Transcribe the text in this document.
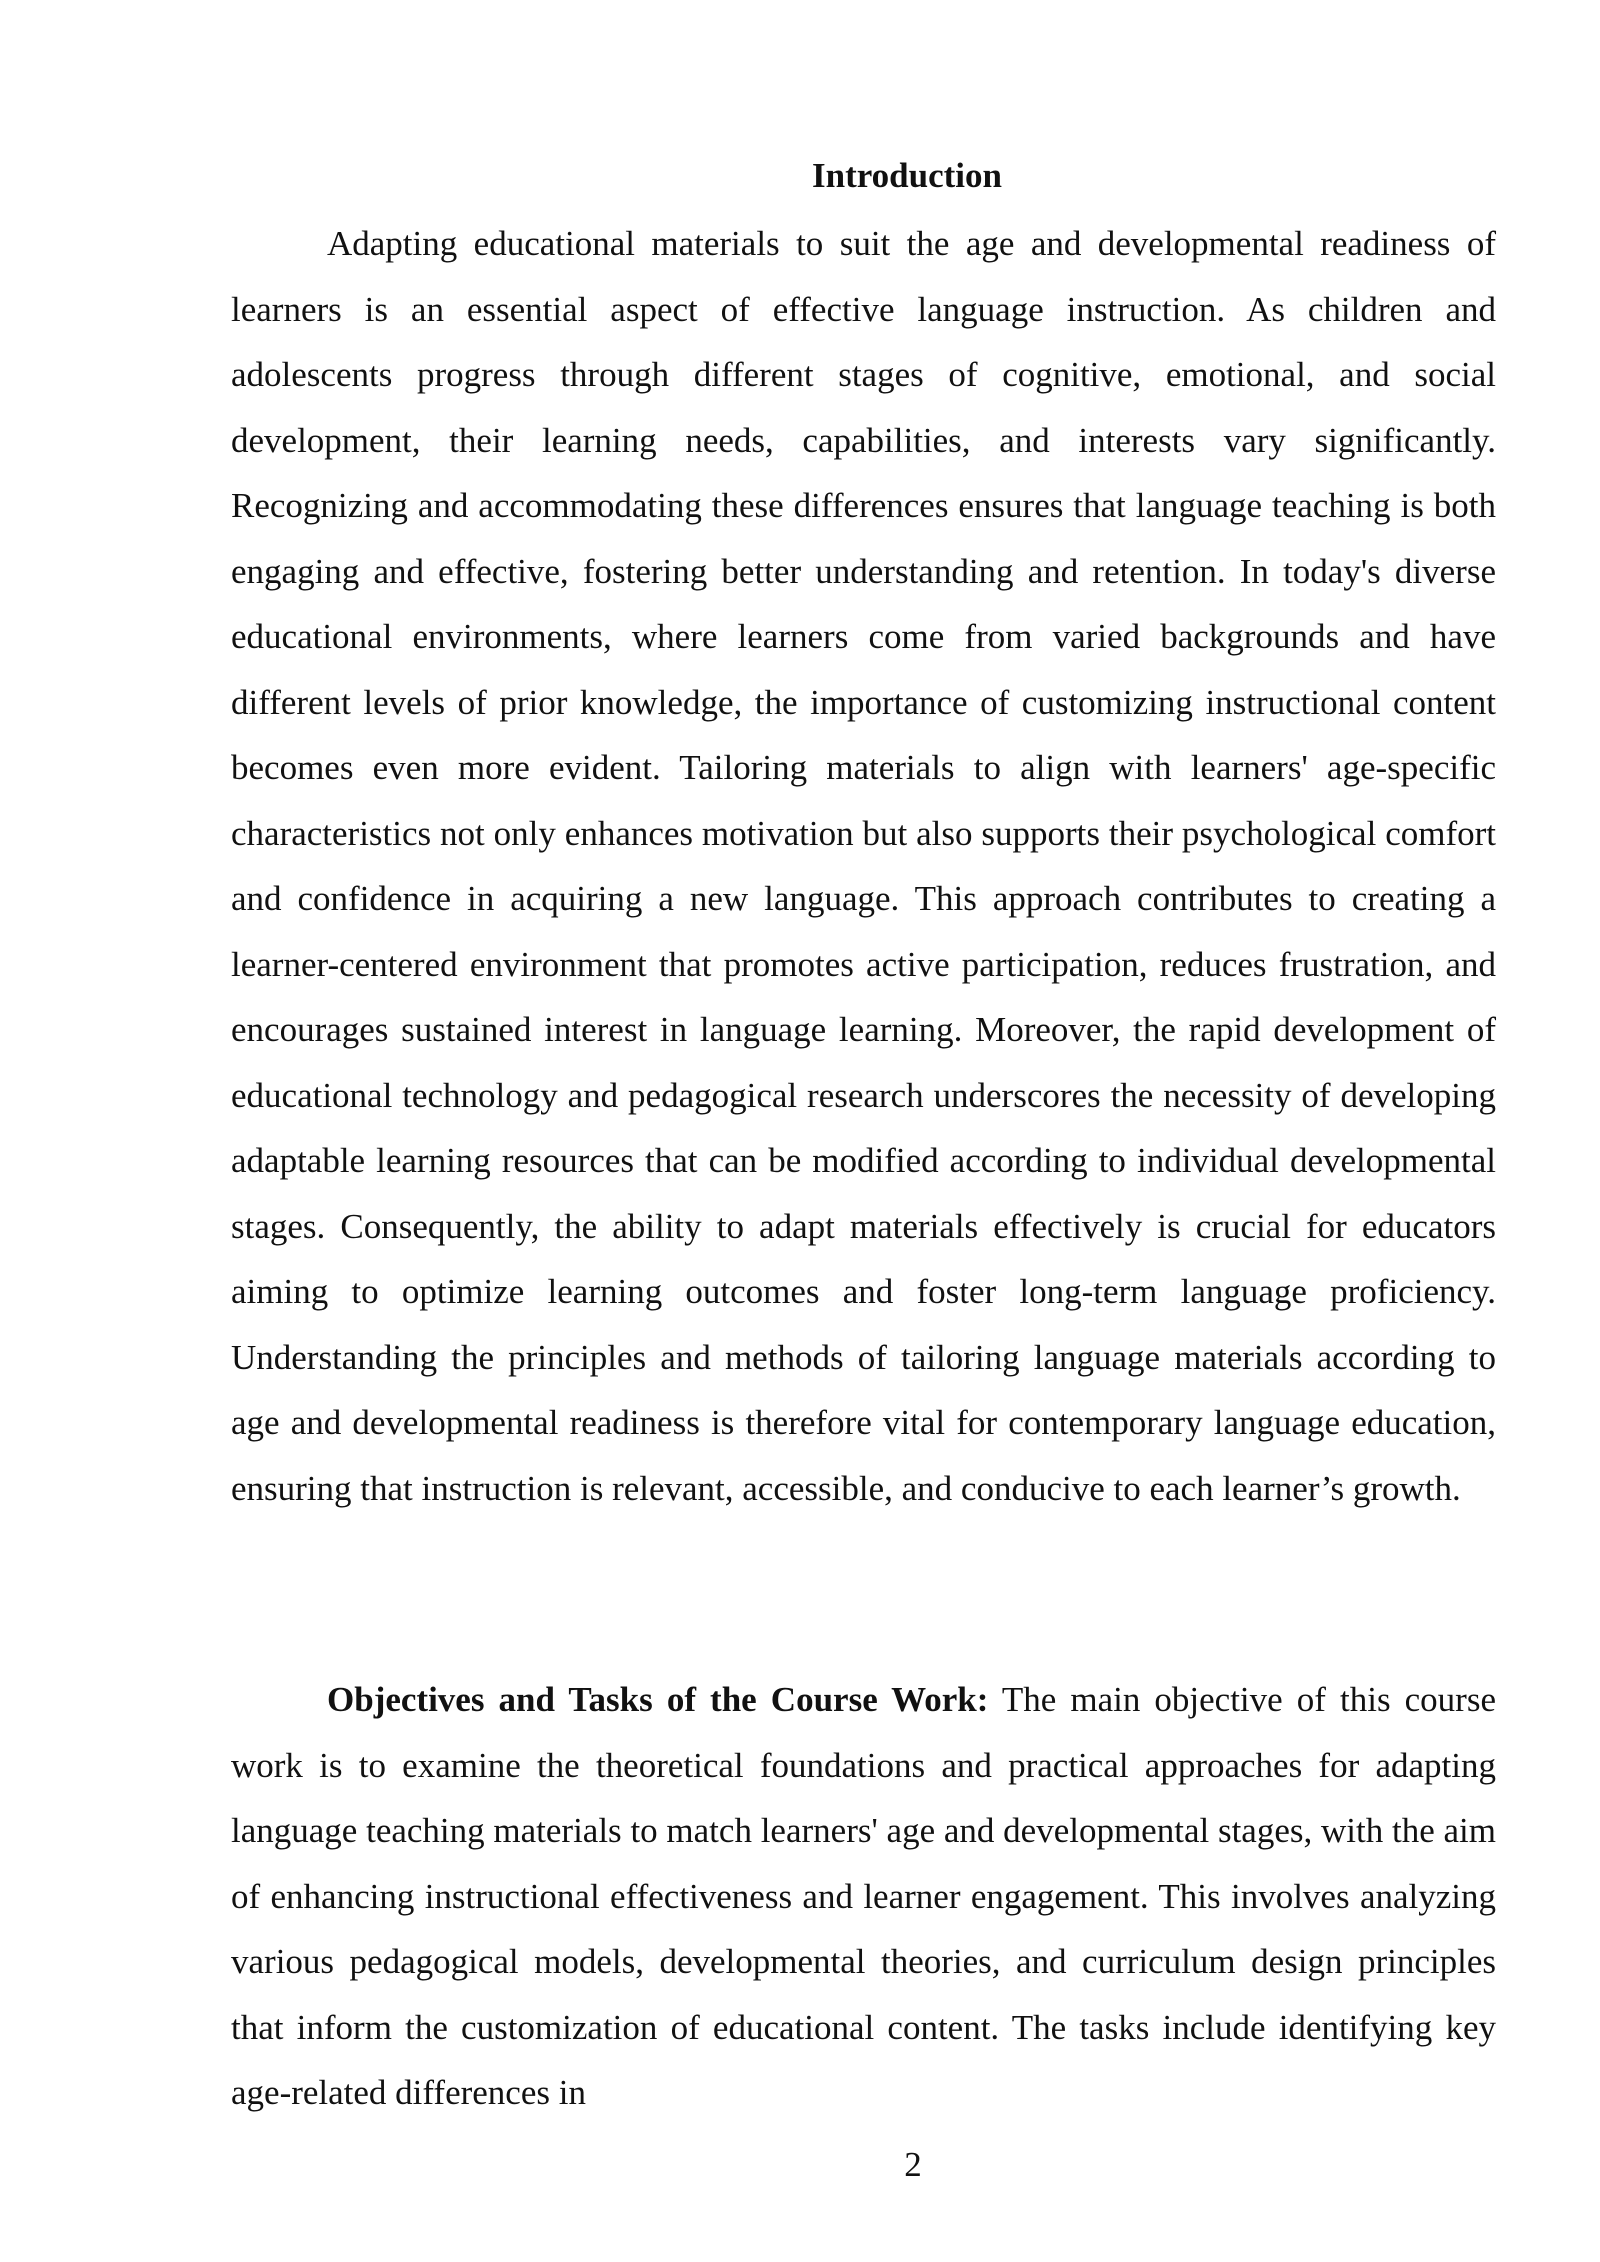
Introduction

Adapting educational materials to suit the age and developmental readiness of learners is an essential aspect of effective language instruction. As children and adolescents progress through different stages of cognitive, emotional, and social development, their learning needs, capabilities, and interests vary significantly. Recognizing and accommodating these differences ensures that language teaching is both engaging and effective, fostering better understanding and retention. In today's diverse educational environments, where learners come from varied backgrounds and have different levels of prior knowledge, the importance of customizing instructional content becomes even more evident. Tailoring materials to align with learners' age-specific characteristics not only enhances motivation but also supports their psychological comfort and confidence in acquiring a new language. This approach contributes to creating a learner-centered environment that promotes active participation, reduces frustration, and encourages sustained interest in language learning. Moreover, the rapid development of educational technology and pedagogical research underscores the necessity of developing adaptable learning resources that can be modified according to individual developmental stages. Consequently, the ability to adapt materials effectively is crucial for educators aiming to optimize learning outcomes and foster long-term language proficiency. Understanding the principles and methods of tailoring language materials according to age and developmental readiness is therefore vital for contemporary language education, ensuring that instruction is relevant, accessible, and conducive to each learner’s growth.

Objectives and Tasks of the Course Work: The main objective of this course work is to examine the theoretical foundations and practical approaches for adapting language teaching materials to match learners' age and developmental stages, with the aim of enhancing instructional effectiveness and learner engagement. This involves analyzing various pedagogical models, developmental theories, and curriculum design principles that inform the customization of educational content. The tasks include identifying key age-related differences in

2
